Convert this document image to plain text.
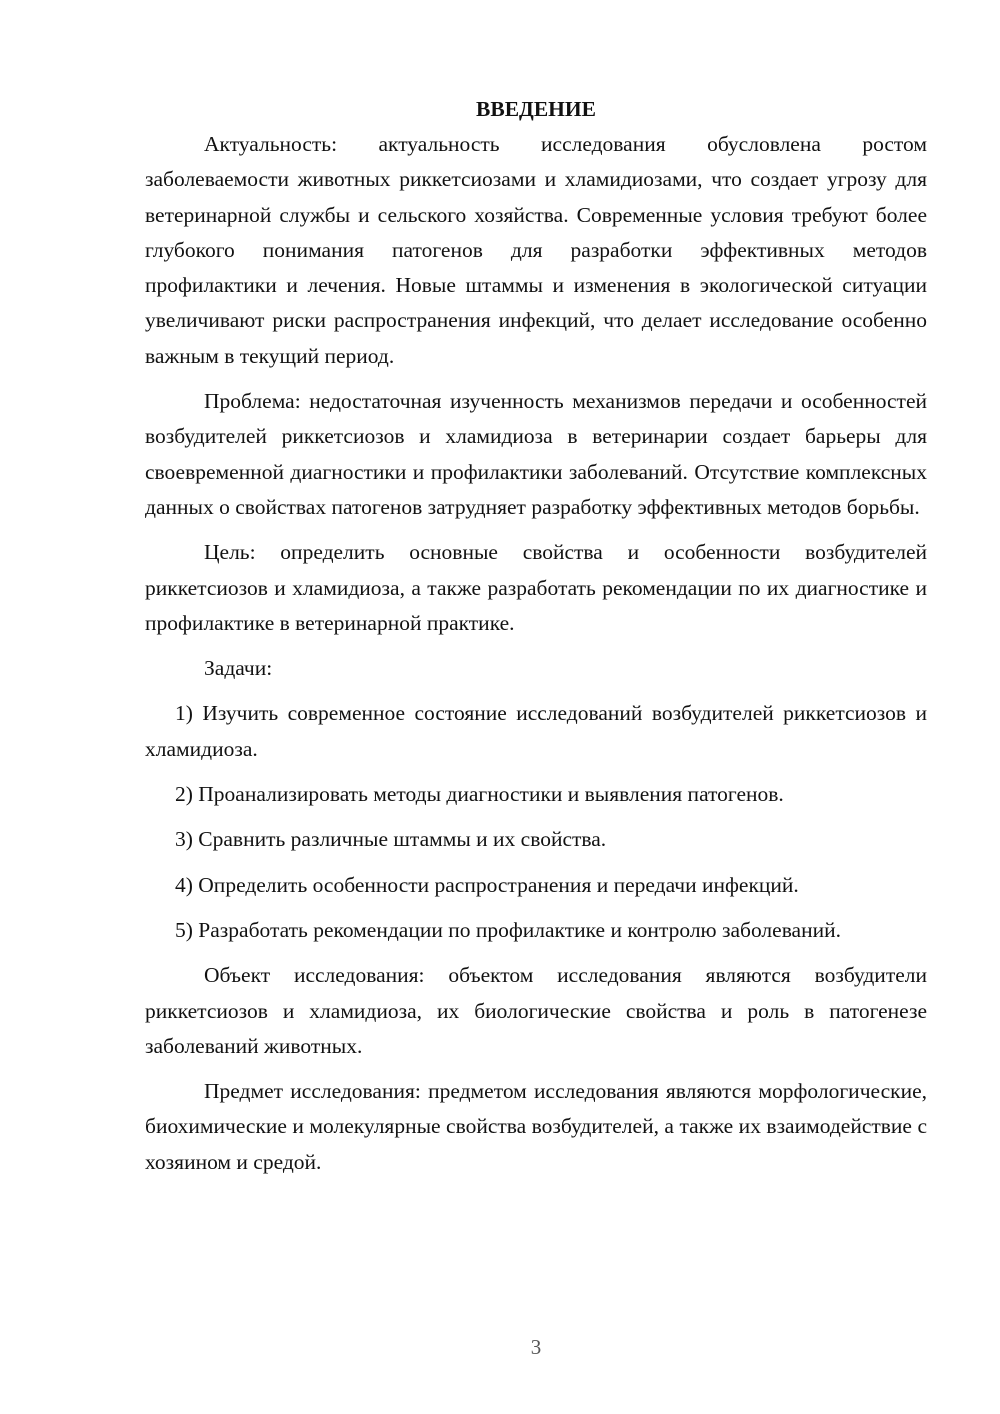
ВВЕДЕНИЕ

Актуальность: актуальность исследования обусловлена ростом заболеваемости животных риккетсиозами и хламидиозами, что создает угрозу для ветеринарной службы и сельского хозяйства. Современные условия требуют более глубокого понимания патогенов для разработки эффективных методов профилактики и лечения. Новые штаммы и изменения в экологической ситуации увеличивают риски распространения инфекций, что делает исследование особенно важным в текущий период.

Проблема: недостаточная изученность механизмов передачи и особенностей возбудителей риккетсиозов и хламидиоза в ветеринарии создает барьеры для своевременной диагностики и профилактики заболеваний. Отсутствие комплексных данных о свойствах патогенов затрудняет разработку эффективных методов борьбы.

Цель: определить основные свойства и особенности возбудителей риккетсиозов и хламидиоза, а также разработать рекомендации по их диагностике и профилактике в ветеринарной практике.

Задачи:

1) Изучить современное состояние исследований возбудителей риккетсиозов и хламидиоза.

2) Проанализировать методы диагностики и выявления патогенов.

3) Сравнить различные штаммы и их свойства.

4) Определить особенности распространения и передачи инфекций.

5) Разработать рекомендации по профилактике и контролю заболеваний.

Объект исследования: объектом исследования являются возбудители риккетсиозов и хламидиоза, их биологические свойства и роль в патогенезе заболеваний животных.

Предмет исследования: предметом исследования являются морфологические, биохимические и молекулярные свойства возбудителей, а также их взаимодействие с хозяином и средой.

3
